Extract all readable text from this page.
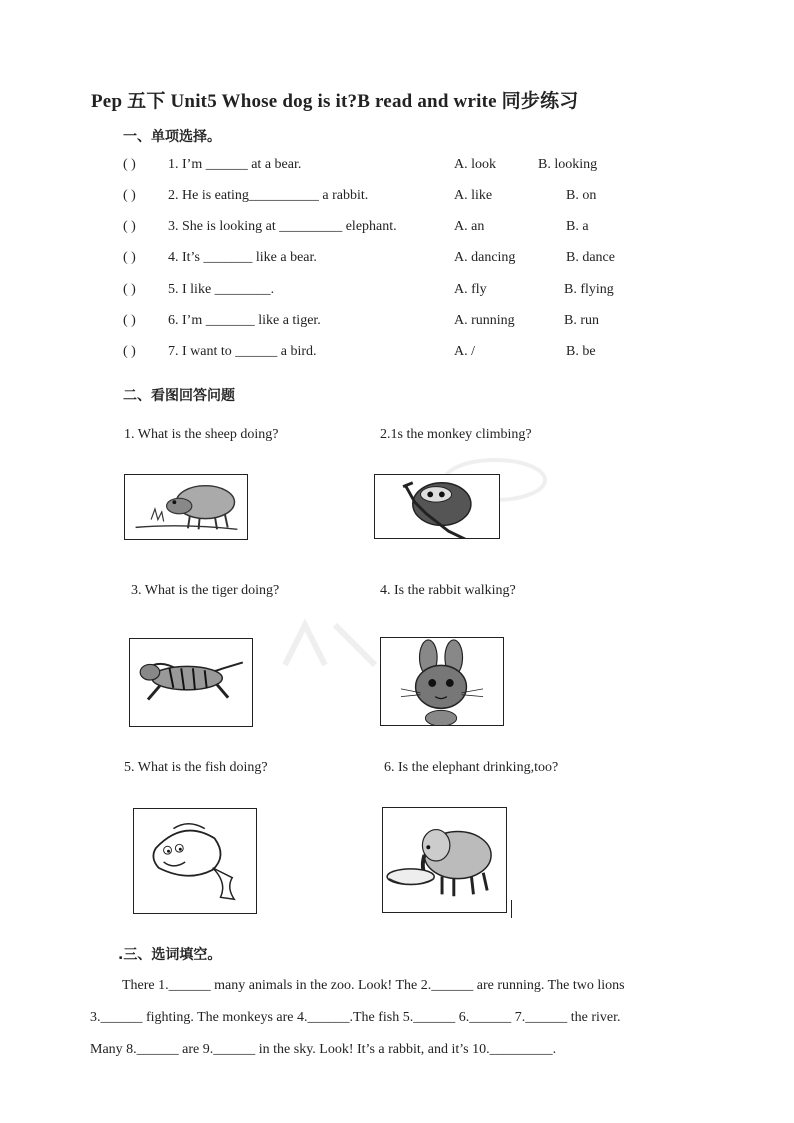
Pep 五下 Unit5 Whose dog is it?B read and write 同步练习
一、单项选择。
( ) 1. I’m ______ at a bear.	A. look	B. looking
( ) 2. He is eating__________ a rabbit.	A. like	B. on
( ) 3. She is looking at _________ elephant.	A. an	B. a
( ) 4. It’s _______ like a bear.	A. dancing	B. dance
( ) 5. I like ________.	A. fly	B. flying
( ) 6. I’m _______ like a tiger.	A. running	B. run
( ) 7. I want to ______ a bird.	A. /	B. be
二、看图回答问题
1. What is the sheep doing?	2.1s the monkey climbing?
3. What is the tiger doing?	4. Is the rabbit walking?
5. What is the fish doing?	6. Is the elephant drinking,too?
.三、选词填空。
There 1.______ many animals in the zoo. Look! The 2.______ are running. The two lions
3.______ fighting. The monkeys are 4.______.The fish 5.______ 6.______ 7.______ the river.
Many 8.______ are 9.______ in the sky. Look! It’s a rabbit, and it’s 10._________.
